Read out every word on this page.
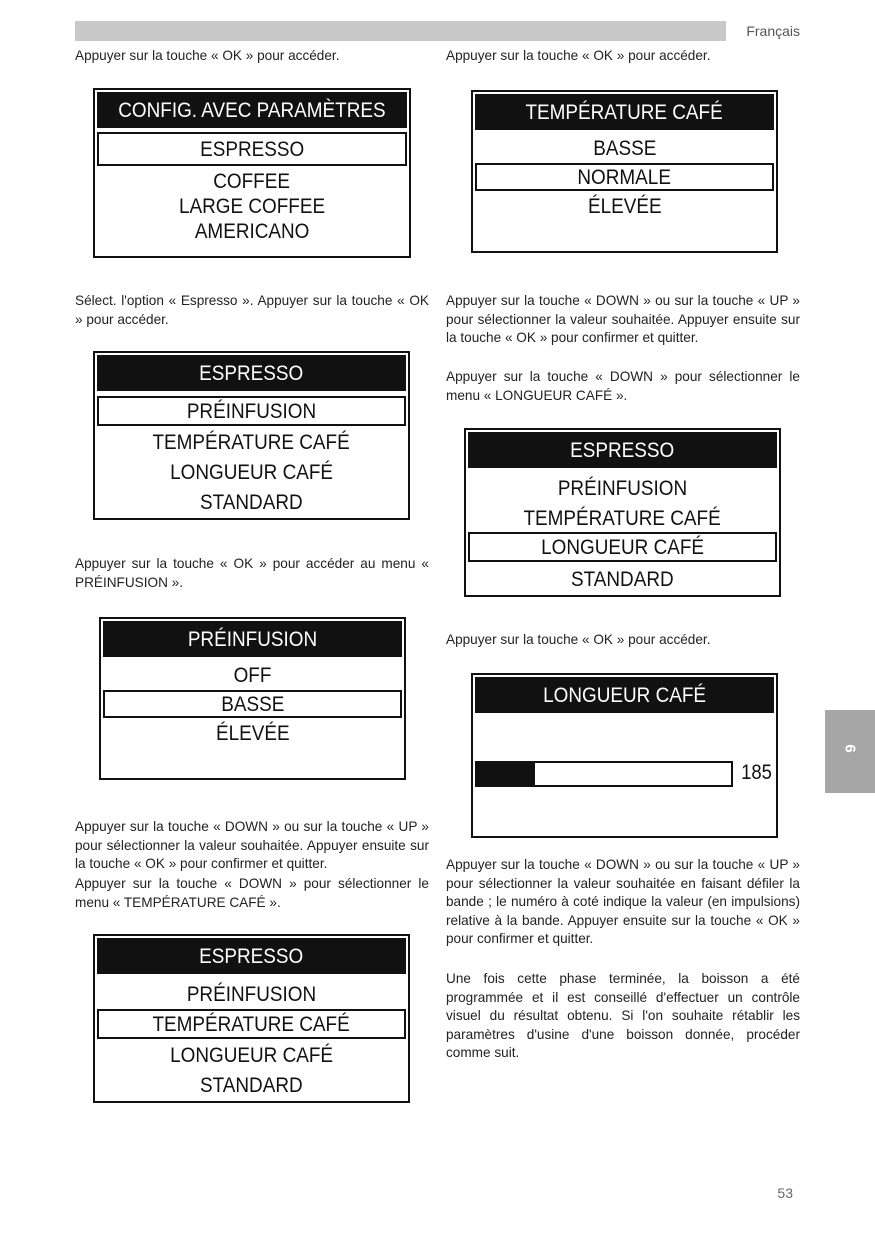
Français
6
53
Appuyer sur la touche « OK » pour accéder.
CONFIG. AVEC PARAMÈTRES
ESPRESSO
COFFEE
LARGE COFFEE
AMERICANO
Sélect. l'option « Espresso ». Appuyer sur la touche « OK » pour accéder.
ESPRESSO
PRÉINFUSION
TEMPÉRATURE CAFÉ
LONGUEUR CAFÉ
STANDARD
Appuyer sur la touche « OK » pour accéder au menu « PRÉINFUSION ».
PRÉINFUSION
OFF
BASSE
ÉLEVÉE
Appuyer sur la touche « DOWN » ou sur la touche « UP » pour sélectionner la valeur souhaitée. Appuyer ensuite sur la touche « OK » pour confirmer et quitter.
Appuyer sur la touche « DOWN » pour sélectionner le menu « TEMPÉRATURE CAFÉ ».
ESPRESSO
PRÉINFUSION
TEMPÉRATURE CAFÉ
LONGUEUR CAFÉ
STANDARD
Appuyer sur la touche « OK » pour accéder.
TEMPÉRATURE CAFÉ
BASSE
NORMALE
ÉLEVÉE
Appuyer sur la touche « DOWN » ou sur la touche « UP » pour sélectionner la valeur souhaitée. Appuyer ensuite sur la touche « OK » pour confirmer et quitter.
Appuyer sur la touche « DOWN » pour sélectionner le menu « LONGUEUR CAFÉ ».
ESPRESSO
PRÉINFUSION
TEMPÉRATURE CAFÉ
LONGUEUR CAFÉ
STANDARD
Appuyer sur la touche « OK » pour accéder.
LONGUEUR CAFÉ
185
Appuyer sur la touche « DOWN » ou sur la touche « UP » pour sélectionner la valeur souhaitée en faisant défiler la bande ; le numéro à coté indique la valeur (en impulsions) relative à la bande. Appuyer ensuite sur la touche « OK » pour confirmer et quitter.
Une fois cette phase terminée, la boisson a été programmée et il est conseillé d'effectuer un contrôle visuel du résultat obtenu. Si l'on souhaite rétablir les paramètres d'usine d'une boisson donnée, procéder comme suit.
